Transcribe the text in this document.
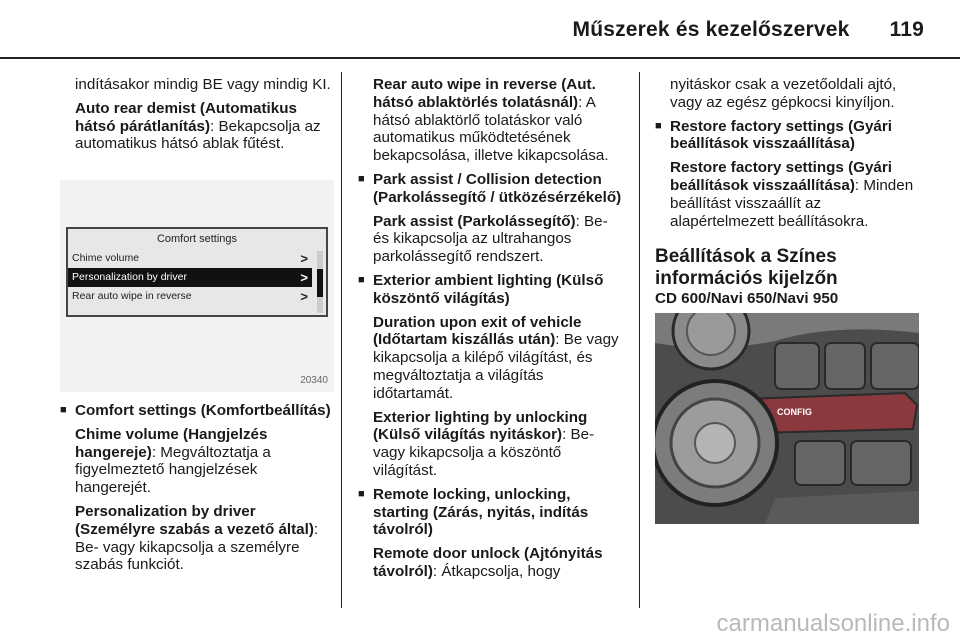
Műszerek és kezelőszervek 119

indításakor mindig BE vagy mindig KI.

Auto rear demist (Automatikus hátsó párátlanítás): Bekapcsolja az automatikus hátsó ablak fűtést.

Comfort settings
Chime volume	>
Personalization by driver	>
Rear auto wipe in reverse	>
20340
■ Comfort settings (Komfortbeállítás)

Chime volume (Hangjelzés hangereje): Megváltoztatja a figyelmeztető hangjelzések hangerejét.

Personalization by driver (Személyre szabás a vezető által): Be- vagy kikapcsolja a személyre szabás funkciót.

Rear auto wipe in reverse (Aut. hátsó ablaktörlés tolatásnál): A hátsó ablaktörlő tolatáskor való automatikus működtetésének bekapcsolása, illetve kikapcsolása.

■ Park assist / Collision detection (Parkolássegítő / ütközésérzékelő)

Park assist (Parkolássegítő): Be- és kikapcsolja az ultrahangos parkolássegítő rendszert.

■ Exterior ambient lighting (Külső köszöntő világítás)

Duration upon exit of vehicle (Időtartam kiszállás után): Be vagy kikapcsolja a kilépő világítást, és megváltoztatja a világítás időtartamát.

Exterior lighting by unlocking (Külső világítás nyitáskor): Be- vagy kikapcsolja a köszöntő világítást.

■ Remote locking, unlocking, starting (Zárás, nyitás, indítás távolról)

Remote door unlock (Ajtónyitás távolról): Átkapcsolja, hogy

nyitáskor csak a vezetőoldali ajtó, vagy az egész gépkocsi kinyíljon.

■ Restore factory settings (Gyári beállítások visszaállítása)

Restore factory settings (Gyári beállítások visszaállítása): Minden beállítást visszaállít az alapértelmezett beállításokra.

Beállítások a Színes információs kijelzőn
CD 600/Navi 650/Navi 950
CONFIG
carmanualsonline.info
